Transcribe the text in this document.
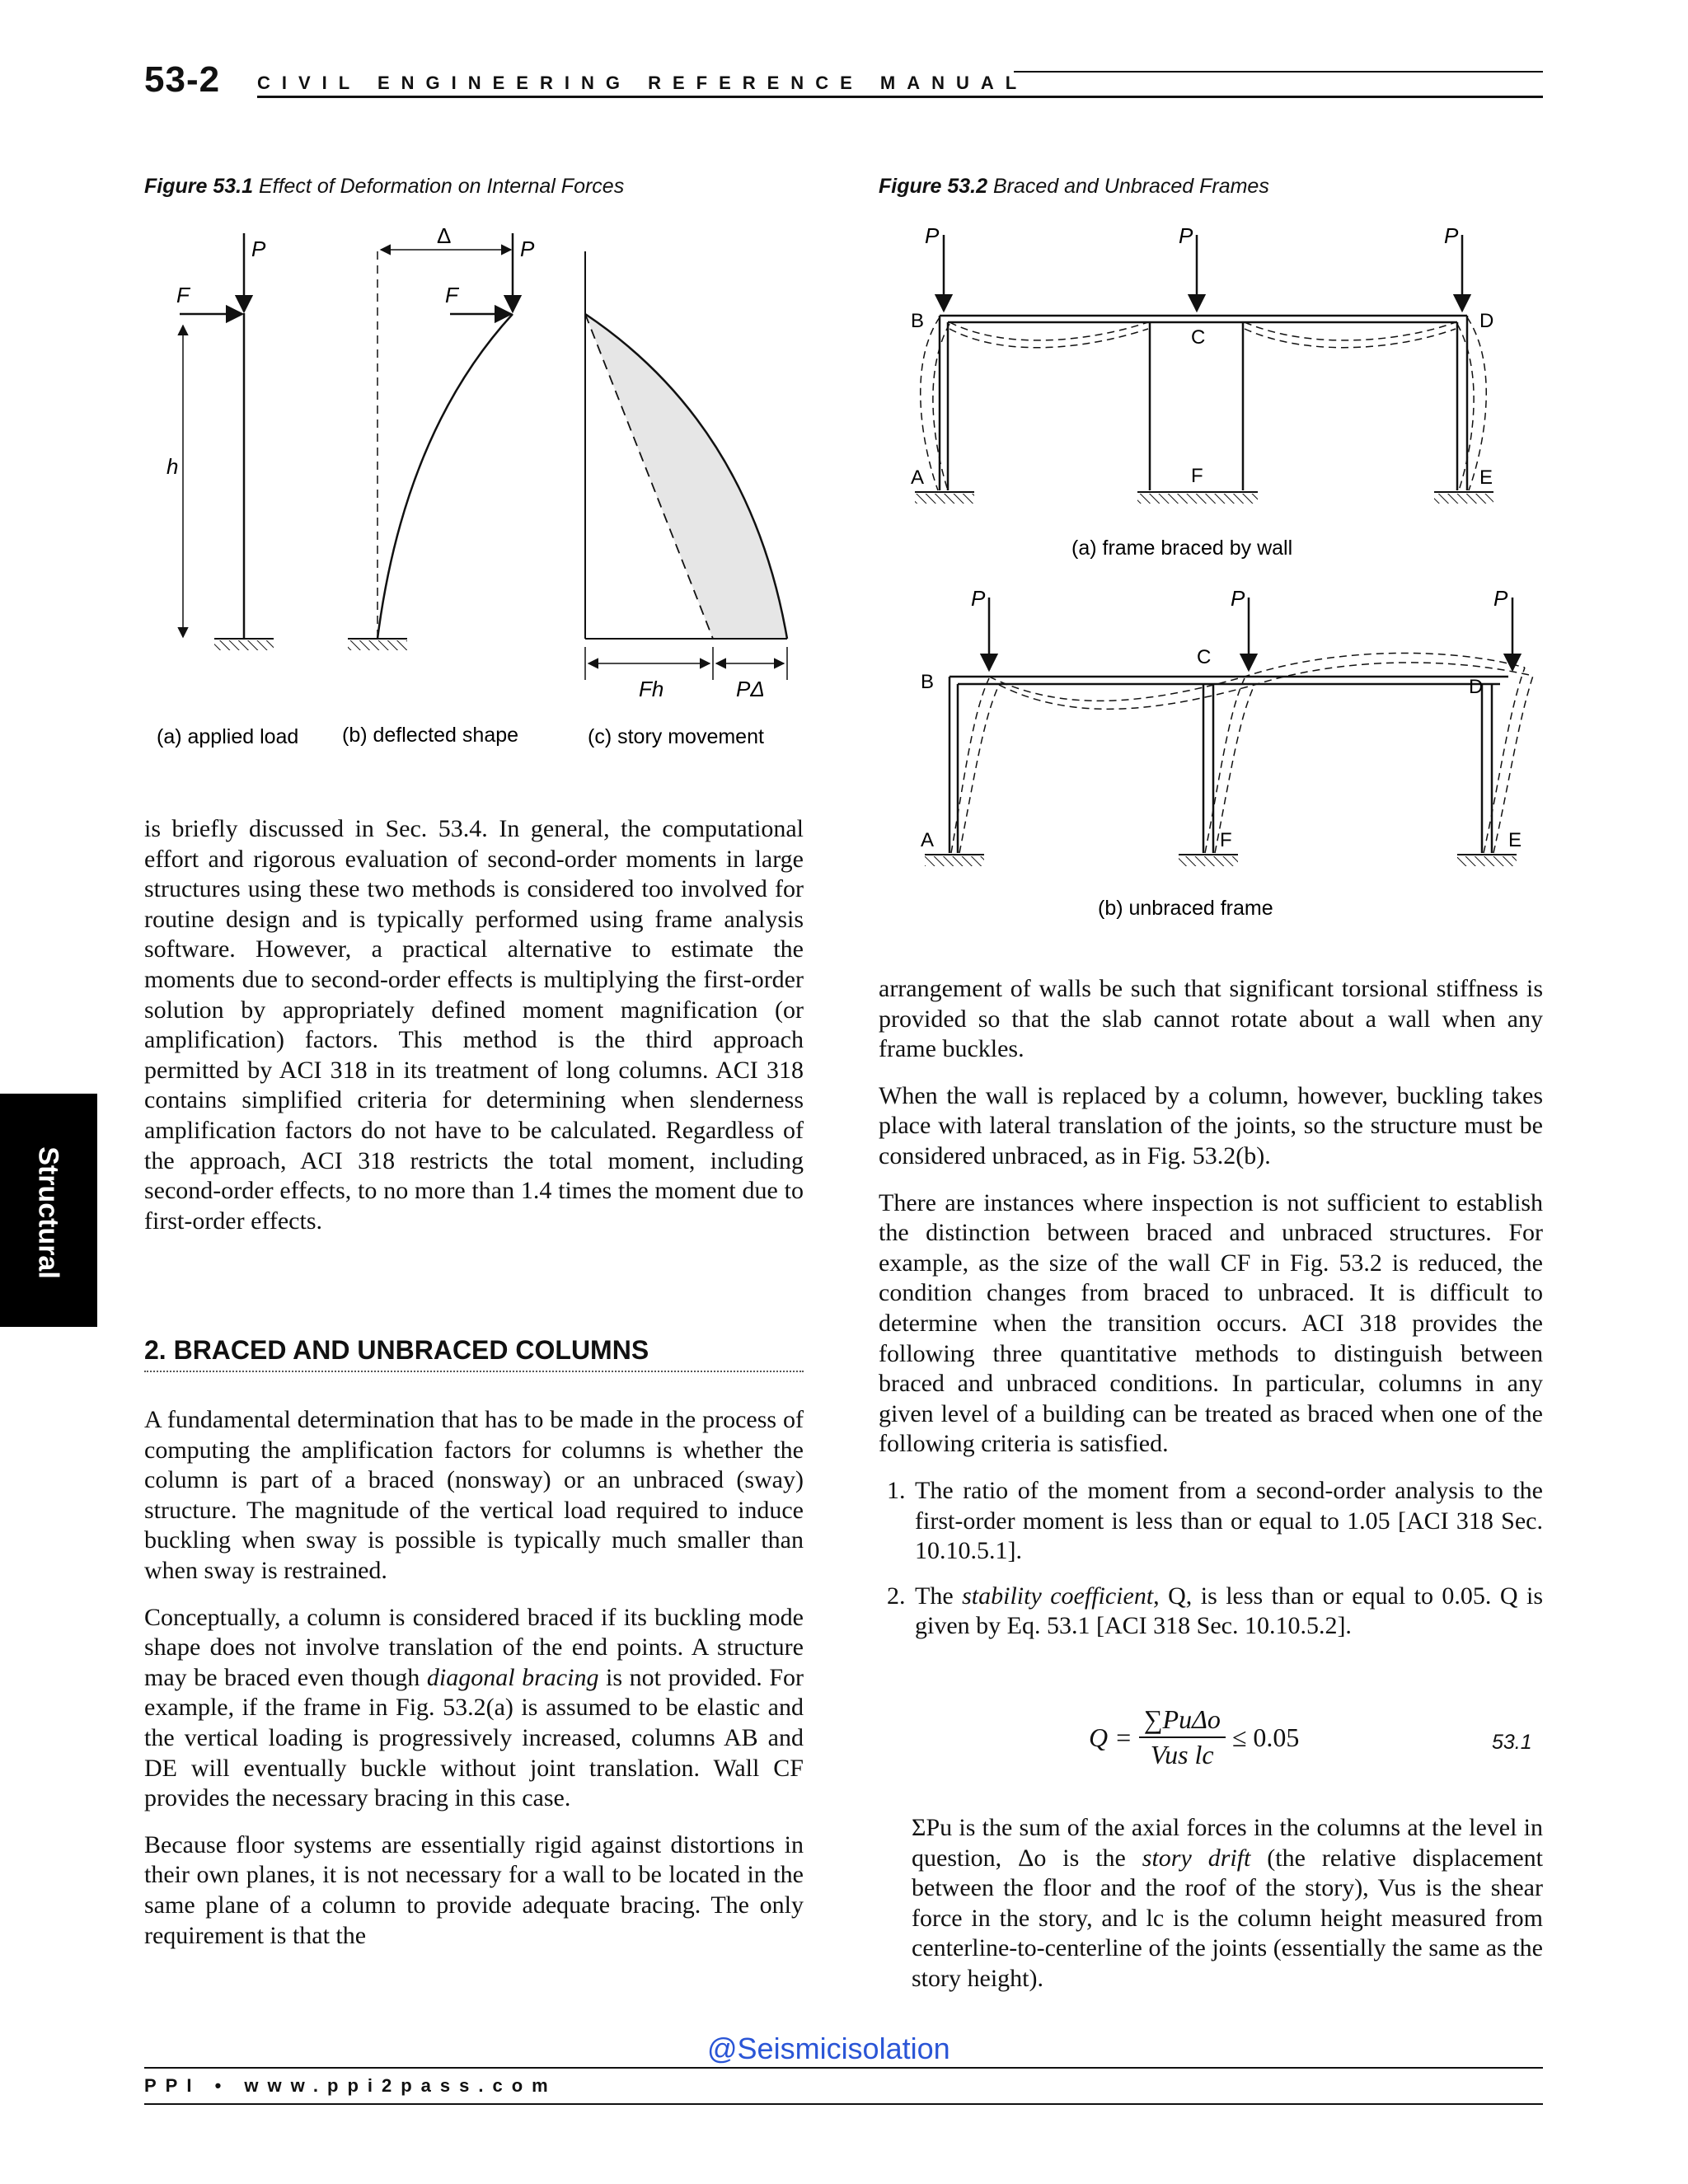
53-2 CIVIL ENGINEERING REFERENCE MANUAL
Figure 53.1 Effect of Deformation on Internal Forces
P
F
h
Δ
P
F
Fh	PΔ
(a) applied load (b) deflected shape	(c) story movement
Figure 53.2 Braced and Unbraced Frames
P	P	P
B
C
D
A	F	E
(a) frame braced by wall
P	P	P
B
C
D
A	F	E
(b) unbraced frame

is briefly discussed in Sec. 53.4. In general, the computational effort and rigorous evaluation of second-order moments in large structures using these two methods is considered too involved for routine design and is typically performed using frame analysis software. However, a practical alternative to estimate the moments due to second-order effects is multiplying the first-order solution by appropriately defined moment magnification (or amplification) factors. This method is the third approach permitted by ACI 318 in its treatment of long columns. ACI 318 contains simplified criteria for determining when slenderness amplification factors do not have to be calculated. Regardless of the approach, ACI 318 restricts the total moment, including second-order effects, to no more than 1.4 times the moment due to first-order effects.

2. BRACED AND UNBRACED COLUMNS

A fundamental determination that has to be made in the process of computing the amplification factors for columns is whether the column is part of a braced (nonsway) or an unbraced (sway) structure. The magnitude of the vertical load required to induce buckling when sway is possible is typically much smaller than when sway is restrained.

Conceptually, a column is considered braced if its buckling mode shape does not involve translation of the end points. A structure may be braced even though diagonal bracing is not provided. For example, if the frame in Fig. 53.2(a) is assumed to be elastic and the vertical loading is progressively increased, columns AB and DE will eventually buckle without joint translation. Wall CF provides the necessary bracing in this case.

Because floor systems are essentially rigid against distortions in their own planes, it is not necessary for a wall to be located in the same plane of a column to provide adequate bracing. The only requirement is that the

arrangement of walls be such that significant torsional stiffness is provided so that the slab cannot rotate about a wall when any frame buckles.

When the wall is replaced by a column, however, buckling takes place with lateral translation of the joints, so the structure must be considered unbraced, as in Fig. 53.2(b).

There are instances where inspection is not sufficient to establish the distinction between braced and unbraced structures. For example, as the size of the wall CF in Fig. 53.2 is reduced, the condition changes from braced to unbraced. It is difficult to determine when the transition occurs. ACI 318 provides the following three quantitative methods to distinguish between braced and unbraced conditions. In particular, columns in any given level of a building can be treated as braced when one of the following criteria is satisfied.

1. The ratio of the moment from a second-order analysis to the first-order moment is less than or equal to 1.05 [ACI 318 Sec. 10.10.5.1].
2. The stability coefficient, Q, is less than or equal to 0.05. Q is given by Eq. 53.1 [ACI 318 Sec. 10.10.5.2].
Q =	∑PuΔo	≤ 0.05
Vus lc	53.1

ΣPu is the sum of the axial forces in the columns at the level in question, Δo is the story drift (the relative displacement between the floor and the roof of the story), Vus is the shear force in the story, and lc is the column height measured from centerline-to-centerline of the joints (essentially the same as the story height).

Structural
@Seismicisolation
PPI • www.ppi2pass.com
